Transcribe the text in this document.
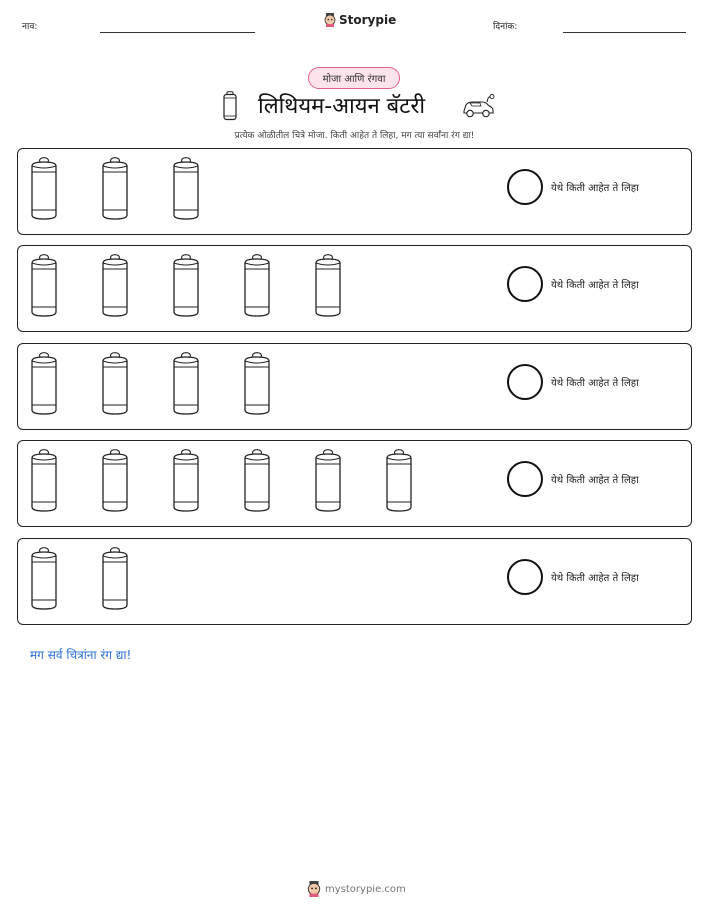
नाव:	Storypie	दिनांक:
मोजा आणि रंगवा
लिथियम-आयन बॅटरी
प्रत्येक ओळीतील चित्रे मोजा. किती आहेत ते लिहा, मग त्या सर्वांना रंग द्या!
येथे किती आहेत ते लिहा
येथे किती आहेत ते लिहा
येथे किती आहेत ते लिहा
येथे किती आहेत ते लिहा
येथे किती आहेत ते लिहा
मग सर्व चित्रांना रंग द्या!
mystorypie.com
